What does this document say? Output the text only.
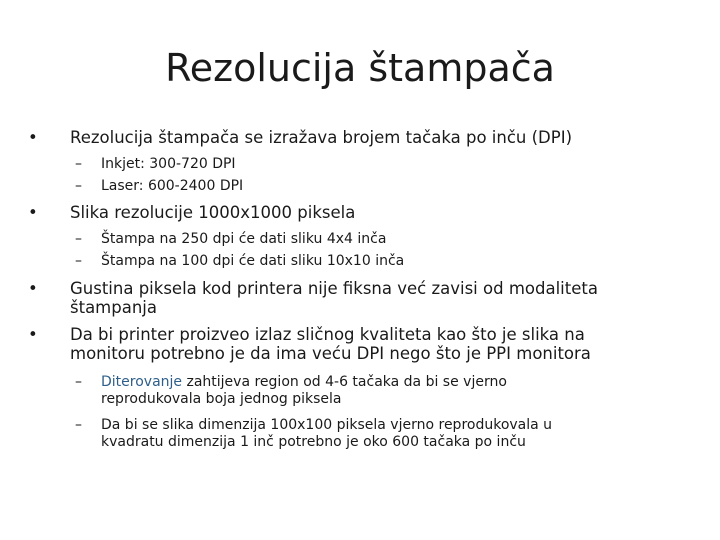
Rezolucija štampača
•	Rezolucija štampača se izražava brojem tačaka po inču (DPI)
–	Inkjet: 300-720 DPI
–	Laser: 600-2400 DPI
•	Slika rezolucije 1000x1000 piksela
–	Štampa na 250 dpi će dati sliku 4x4 inča
–	Štampa na 100 dpi će dati sliku 10x10 inča
•	Gustina piksela kod printera nije fiksna već zavisi od modaliteta
štampanja
•	Da bi printer proizveo izlaz sličnog kvaliteta kao što je slika na
monitoru potrebno je da ima veću DPI nego što je PPI monitora
–	Diterovanje zahtijeva region od 4-6 tačaka da bi se vjerno
reprodukovala boja jednog piksela
–	Da bi se slika dimenzija 100x100 piksela vjerno reprodukovala u
kvadratu dimenzija 1 inč potrebno je oko 600 tačaka po inču
